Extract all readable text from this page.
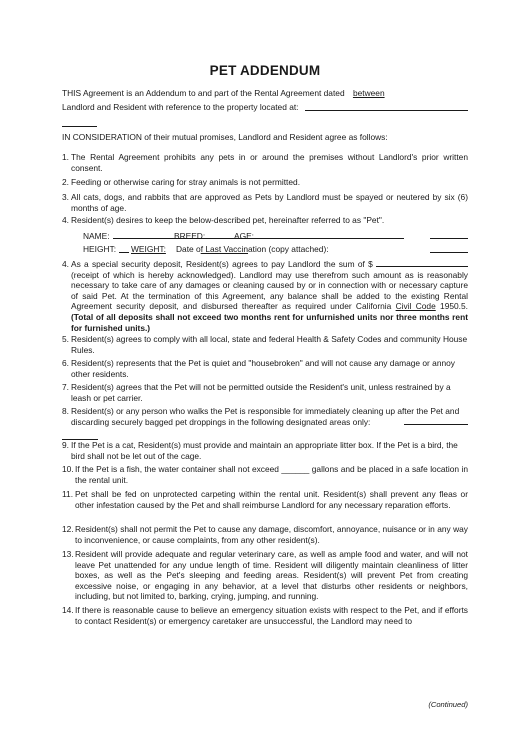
PET ADDENDUM
THIS Agreement is an Addendum to and part of the Rental Agreement dated between
Landlord and Resident with reference to the property located at:
IN CONSIDERATION of their mutual promises, Landlord and Resident agree as follows:
1. The Rental Agreement prohibits any pets in or around the premises without Landlord's prior written consent.
2. Feeding or otherwise caring for stray animals is not permitted.
3. All cats, dogs, and rabbits that are approved as Pets by Landlord must be spayed or neutered by six (6) months of age.
4. Resident(s) desires to keep the below-described pet, hereinafter referred to as "Pet".
NAME:	BREED:	AGE:
HEIGHT: WEIGHT: Date of Last Vaccination (copy attached):
4. As a special security deposit, Resident(s) agrees to pay Landlord the sum of $  (receipt of which is hereby acknowledged). Landlord may use therefrom such amount as is reasonably necessary to take care of any damages or cleaning caused by or in connection with or necessary capture of said Pet. At the termination of this Agreement, any balance shall be added to the existing Rental Agreement security deposit, and disbursed thereafter as required under California Civil Code 1950.5. (Total of all deposits shall not exceed two months rent for unfurnished units nor three months rent for furnished units.)
5. Resident(s) agrees to comply with all local, state and federal Health & Safety Codes and community House Rules.
6. Resident(s) represents that the Pet is quiet and "housebroken" and will not cause any damage or annoy other residents.
7. Resident(s) agrees that the Pet will not be permitted outside the Resident's unit, unless restrained by a leash or pet carrier.
8. Resident(s) or any person who walks the Pet is responsible for immediately cleaning up after the Pet and discarding securely bagged pet droppings in the following designated areas only:
9. If the Pet is a cat, Resident(s) must provide and maintain an appropriate litter box. If the Pet is a bird, the bird shall not be let out of the cage.
10. If the Pet is a fish, the water container shall not exceed ______ gallons and be placed in a safe location in the rental unit.
11. Pet shall be fed on unprotected carpeting within the rental unit. Resident(s) shall prevent any fleas or other infestation caused by the Pet and shall reimburse Landlord for any necessary reparation efforts.
12. Resident(s) shall not permit the Pet to cause any damage, discomfort, annoyance, nuisance or in any way to inconvenience, or cause complaints, from any other resident(s).
13. Resident will provide adequate and regular veterinary care, as well as ample food and water, and will not leave Pet unattended for any undue length of time. Resident will diligently maintain cleanliness of litter boxes, as well as the Pet's sleeping and feeding areas. Resident(s) will prevent Pet from creating excessive noise, or engaging in any behavior, at a level that disturbs other residents or neighbors, including, but not limited to, barking, crying, jumping, and running.
14. If there is reasonable cause to believe an emergency situation exists with respect to the Pet, and if efforts to contact Resident(s) or emergency caretaker are unsuccessful, the Landlord may need to
(Continued)
